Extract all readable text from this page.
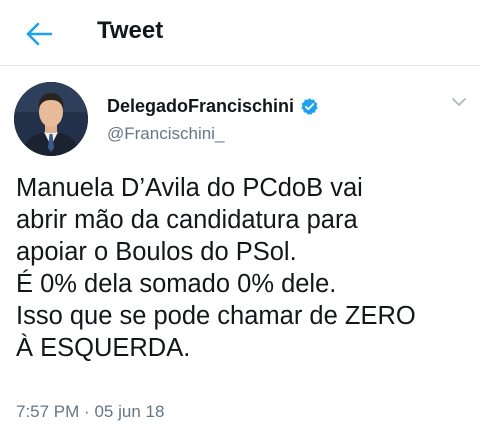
Tweet
DelegadoFrancischini
@Francischini_
Manuela D’Avila do PCdoB vai
abrir mão da candidatura para
apoiar o Boulos do PSol.
É 0% dela somado 0% dele.
Isso que se pode chamar de ZERO
À ESQUERDA.
7:57 PM · 05 jun 18
